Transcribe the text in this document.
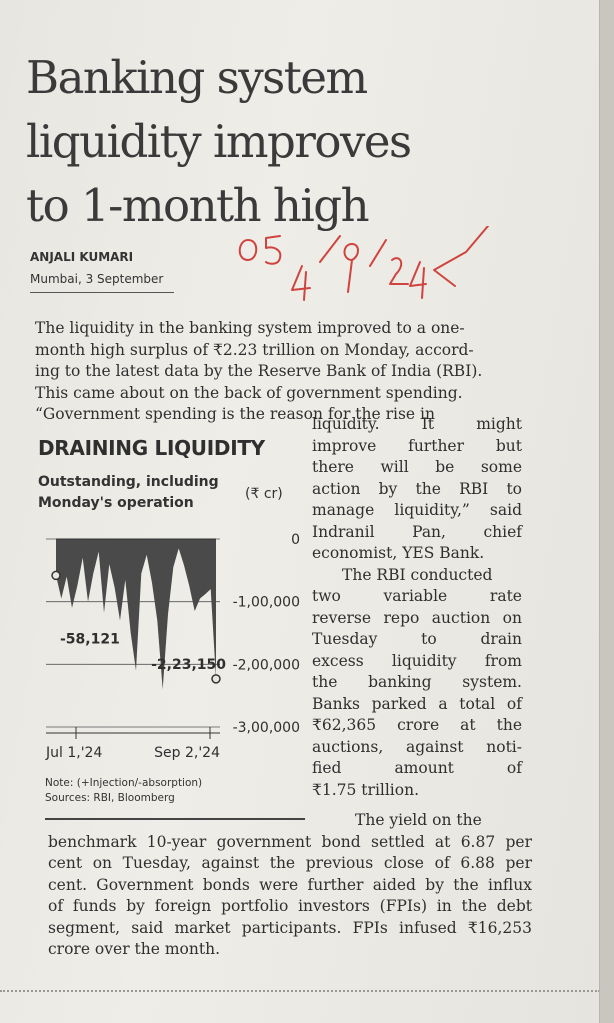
Banking system
liquidity improves
to 1-month high
ANJALI KUMARI
Mumbai, 3 September
The liquidity in the banking system improved to a one-
month high surplus of ₹2.23 trillion on Monday, accord-
ing to the latest data by the Reserve Bank of India (RBI).
This came about on the back of government spending.
“Government spending is the reason for the rise in
DRAINING LIQUIDITY
Outstanding, including
Monday's operation
(₹ cr)
0
-1,00,000
-2,00,000
-3,00,000
-58,121
-2,23,150
Jul 1,'24	Sep 2,'24
Note: (+Injection/-absorption)
Sources: RBI, Bloomberg
liquidity. It might
improve further but
there will be some
action by the RBI to
manage liquidity,” said
Indranil Pan, chief
economist, YES Bank.
The RBI conducted
two variable rate
reverse repo auction on
Tuesday to drain
excess liquidity from
the banking system.
Banks parked a total of
₹62,365 crore at the
auctions, against noti-
fied amount of
₹1.75 trillion.
The yield on the
benchmark 10-year government bond settled at 6.87 per
cent on Tuesday, against the previous close of 6.88 per
cent. Government bonds were further aided by the influx
of funds by foreign portfolio investors (FPIs) in the debt
segment, said market participants. FPIs infused ₹16,253
crore over the month.
